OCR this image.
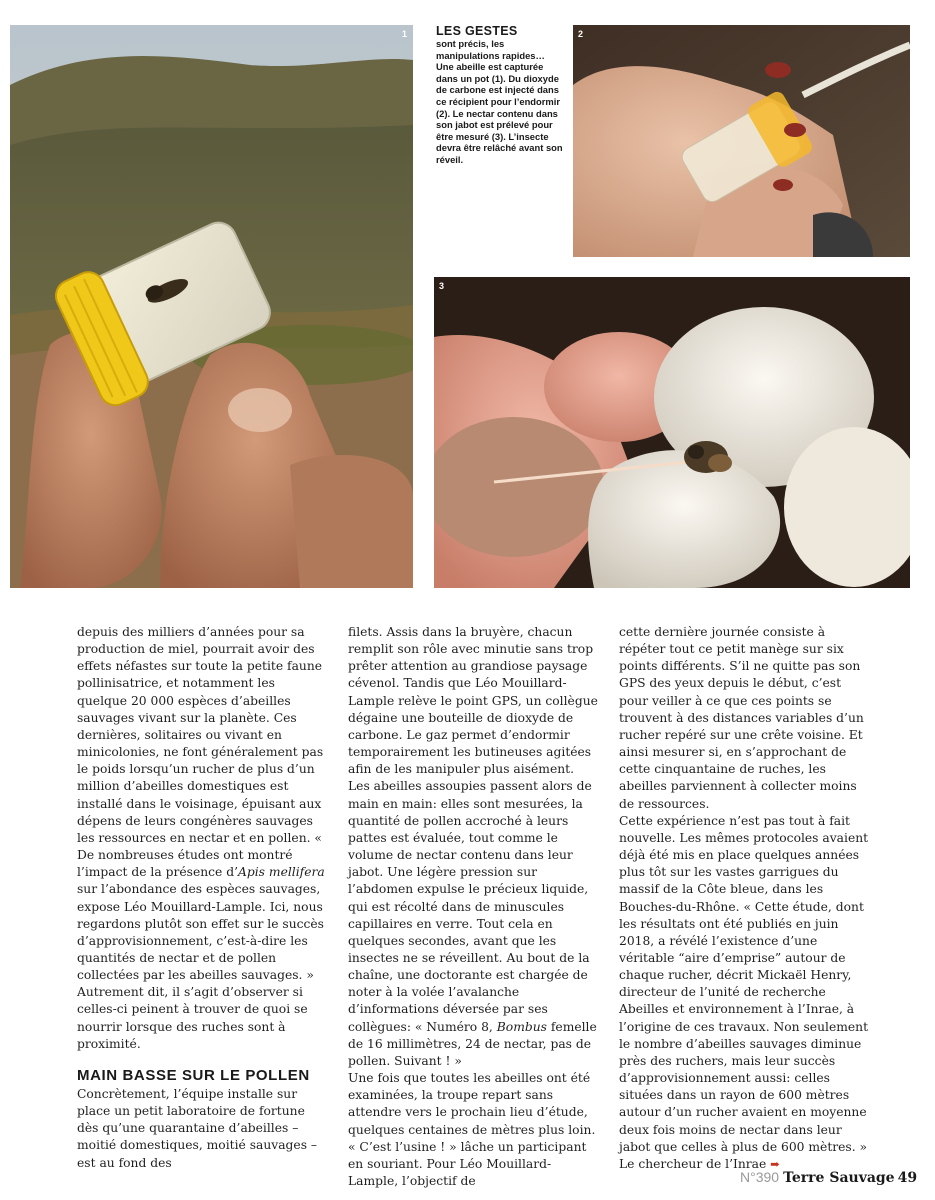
1 LES GESTES
sont précis, les manipulations rapides… Une abeille est capturée dans un pot (1). Du dioxyde de carbone est injecté dans ce récipient pour l’endormir (2). Le nectar contenu dans son jabot est prélevé pour être mesuré (3). L’insecte devra être relâché avant son réveil.
2
3

depuis des milliers d’années pour sa production de miel, pourrait avoir des effets néfastes sur toute la petite faune pollinisatrice, et notamment les quelque 20 000 espèces d’abeilles sauvages vivant sur la planète. Ces dernières, solitaires ou vivant en minicolonies, ne font généralement pas le poids lorsqu’un rucher de plus d’un million d’abeilles domestiques est installé dans le voisinage, épuisant aux dépens de leurs congénères sauvages les ressources en nectar et en pollen. « De nombreuses études ont montré l’impact de la présence d’Apis mellifera sur l’abondance des espèces sauvages, expose Léo Mouillard-Lample. Ici, nous regardons plutôt son effet sur le succès d’approvisionnement, c’est-à-dire les quantités de nectar et de pollen collectées par les abeilles sauvages. » Autrement dit, il s’agit d’observer si celles-ci peinent à trouver de quoi se nourrir lorsque des ruches sont à proximité.

MAIN BASSE SUR LE POLLEN

Concrètement, l’équipe installe sur place un petit laboratoire de fortune dès qu’une quarantaine d’abeilles – moitié domestiques, moitié sauvages – est au fond des

filets. Assis dans la bruyère, chacun remplit son rôle avec minutie sans trop prêter attention au grandiose paysage cévenol. Tandis que Léo Mouillard-Lample relève le point GPS, un collègue dégaine une bouteille de dioxyde de carbone. Le gaz permet d’endormir temporairement les butineuses agitées afin de les manipuler plus aisément. Les abeilles assoupies passent alors de main en main: elles sont mesurées, la quantité de pollen accroché à leurs pattes est évaluée, tout comme le volume de nectar contenu dans leur jabot. Une légère pression sur l’abdomen expulse le précieux liquide, qui est récolté dans de minuscules capillaires en verre. Tout cela en quelques secondes, avant que les insectes ne se réveillent. Au bout de la chaîne, une doctorante est chargée de noter à la volée l’avalanche d’informations déversée par ses collègues: « Numéro 8, Bombus femelle de 16 millimètres, 24 de nectar, pas de pollen. Suivant ! »

Une fois que toutes les abeilles ont été examinées, la troupe repart sans attendre vers le prochain lieu d’étude, quelques centaines de mètres plus loin. « C’est l’usine ! » lâche un participant en souriant. Pour Léo Mouillard-Lample, l’objectif de

cette dernière journée consiste à répéter tout ce petit manège sur six points différents. S’il ne quitte pas son GPS des yeux depuis le début, c’est pour veiller à ce que ces points se trouvent à des distances variables d’un rucher repéré sur une crête voisine. Et ainsi mesurer si, en s’approchant de cette cinquantaine de ruches, les abeilles parviennent à collecter moins de ressources.

Cette expérience n’est pas tout à fait nouvelle. Les mêmes protocoles avaient déjà été mis en place quelques années plus tôt sur les vastes garrigues du massif de la Côte bleue, dans les Bouches-du-Rhône. « Cette étude, dont les résultats ont été publiés en juin 2018, a révélé l’existence d’une véritable “aire d’emprise” autour de chaque rucher, décrit Mickaël Henry, directeur de l’unité de recherche Abeilles et environnement à l’Inrae, à l’origine de ces travaux. Non seulement le nombre d’abeilles sauvages diminue près des ruchers, mais leur succès d’approvisionnement aussi: celles situées dans un rayon de 600 mètres autour d’un rucher avaient en moyenne deux fois moins de nectar dans leur jabot que celles à plus de 600 mètres. » Le chercheur de l’Inrae ➡

N°390 Terre Sauvage 49
